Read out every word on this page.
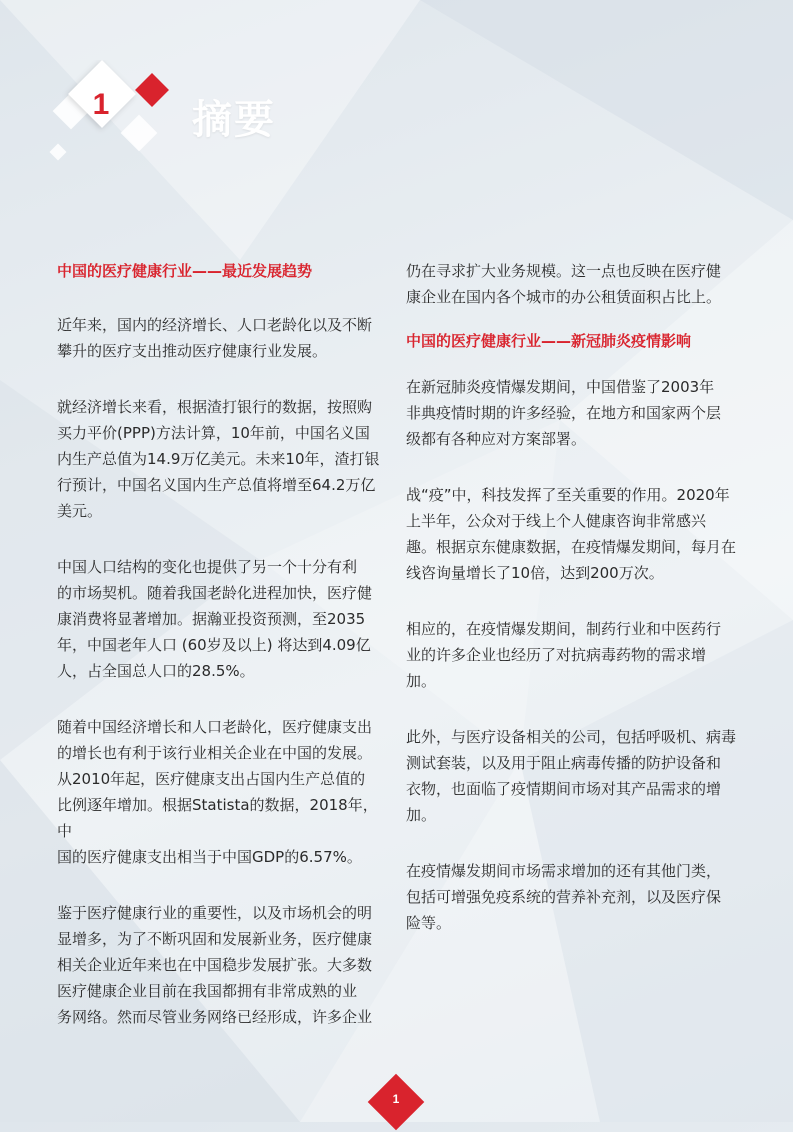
1 摘要

中国的医疗健康行业——最近发展趋势

近年来，国内的经济增长、人口老龄化以及不断
攀升的医疗支出推动医疗健康行业发展。

就经济增长来看，根据渣打银行的数据，按照购
买力平价(PPP)方法计算，10年前，中国名义国
内生产总值为14.9万亿美元。未来10年，渣打银
行预计，中国名义国内生产总值将增至64.2万亿
美元。

中国人口结构的变化也提供了另一个十分有利
的市场契机。随着我国老龄化进程加快，医疗健
康消费将显著增加。据瀚亚投资预测，至2035
年，中国老年人口 (60岁及以上) 将达到4.09亿
人，占全国总人口的28.5%。

随着中国经济增长和人口老龄化，医疗健康支出
的增长也有利于该行业相关企业在中国的发展。
从2010年起，医疗健康支出占国内生产总值的
比例逐年增加。根据Statista的数据，2018年，中
国的医疗健康支出相当于中国GDP的6.57%。

鉴于医疗健康行业的重要性，以及市场机会的明
显增多，为了不断巩固和发展新业务，医疗健康
相关企业近年来也在中国稳步发展扩张。大多数
医疗健康企业目前在我国都拥有非常成熟的业
务网络。然而尽管业务网络已经形成，许多企业

仍在寻求扩大业务规模。这一点也反映在医疗健
康企业在国内各个城市的办公租赁面积占比上。

中国的医疗健康行业——新冠肺炎疫情影响

在新冠肺炎疫情爆发期间，中国借鉴了2003年
非典疫情时期的许多经验，在地方和国家两个层
级都有各种应对方案部署。

战“疫”中，科技发挥了至关重要的作用。2020年
上半年，公众对于线上个人健康咨询非常感兴
趣。根据京东健康数据，在疫情爆发期间，每月在
线咨询量增长了10倍，达到200万次。

相应的，在疫情爆发期间，制药行业和中医药行
业的许多企业也经历了对抗病毒药物的需求增
加。

此外，与医疗设备相关的公司，包括呼吸机、病毒
测试套装，以及用于阻止病毒传播的防护设备和
衣物，也面临了疫情期间市场对其产品需求的增
加。

在疫情爆发期间市场需求增加的还有其他门类，
包括可增强免疫系统的营养补充剂，以及医疗保
险等。

1
